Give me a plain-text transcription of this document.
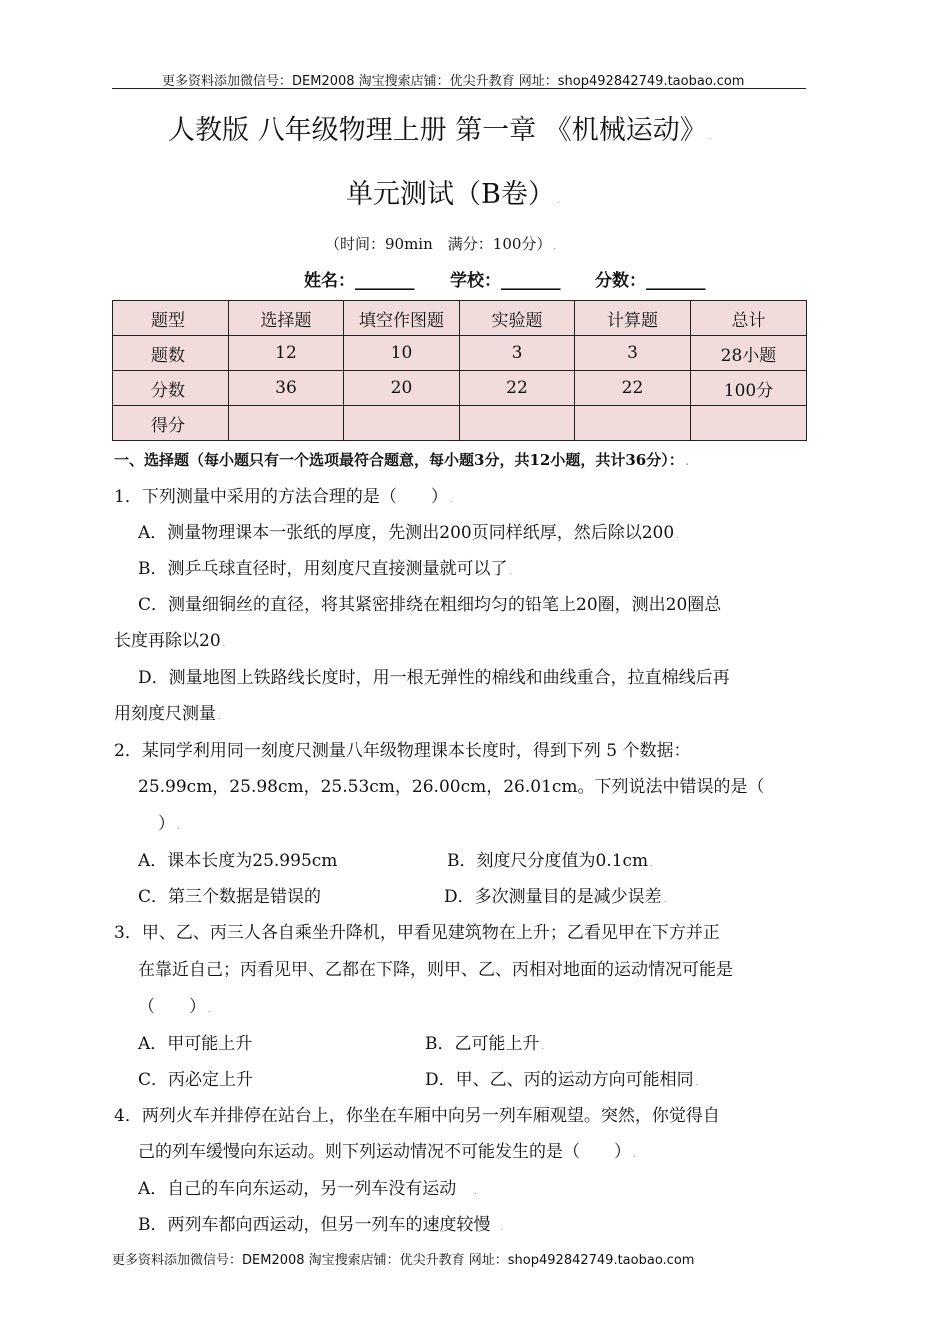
更多资料添加微信号：DEM2008 淘宝搜索店铺：优尖升教育 网址：shop492842749.taobao.com
人教版 八年级物理上册 第一章 《机械运动》 .
单元测试（B卷） .
（时间：90min　满分：100分） .
姓名：_______ 学校：_______ 分数：_______
题型	选择题	填空作图题	实验题	计算题	总计
题数	12	10	3	3	28小题
分数	36	20	22	22	100分
得分					
一、选择题（每小题只有一个选项最符合题意，每小题3分，共12小题，共计36分）： .
1．下列测量中采用的方法合理的是（　　） .
A．测量物理课本一张纸的厚度，先测出200页同样纸厚，然后除以200 .
B．测乒乓球直径时，用刻度尺直接测量就可以了 .
C．测量细铜丝的直径，将其紧密排绕在粗细均匀的铅笔上20圈，测出20圈总
长度再除以20 .
D．测量地图上铁路线长度时，用一根无弹性的棉线和曲线重合，拉直棉线后再
用刻度尺测量 .
2．某同学利用同一刻度尺测量八年级物理课本长度时，得到下列 5 个数据：
25.99cm，25.98cm，25.53cm，26.00cm，26.01cm。下列说法中错误的是（
） .
A．课本长度为25.995cm	B．刻度尺分度值为0.1cm .
C．第三个数据是错误的	D．多次测量目的是减少误差 .
3．甲、乙、丙三人各自乘坐升降机，甲看见建筑物在上升；乙看见甲在下方并正
在靠近自己；丙看见甲、乙都在下降，则甲、乙、丙相对地面的运动情况可能是
（　　） .
A．甲可能上升	B．乙可能上升 .
C．丙必定上升	D．甲、乙、丙的运动方向可能相同 .
4．两列火车并排停在站台上，你坐在车厢中向另一列车厢观望。突然，你觉得自
己的列车缓慢向东运动。则下列运动情况不可能发生的是（　　） .
A．自己的车向东运动，另一列车没有运动 .
B．两列车都向西运动，但另一列车的速度较慢 .
更多资料添加微信号：DEM2008 淘宝搜索店铺：优尖升教育 网址：shop492842749.taobao.com
